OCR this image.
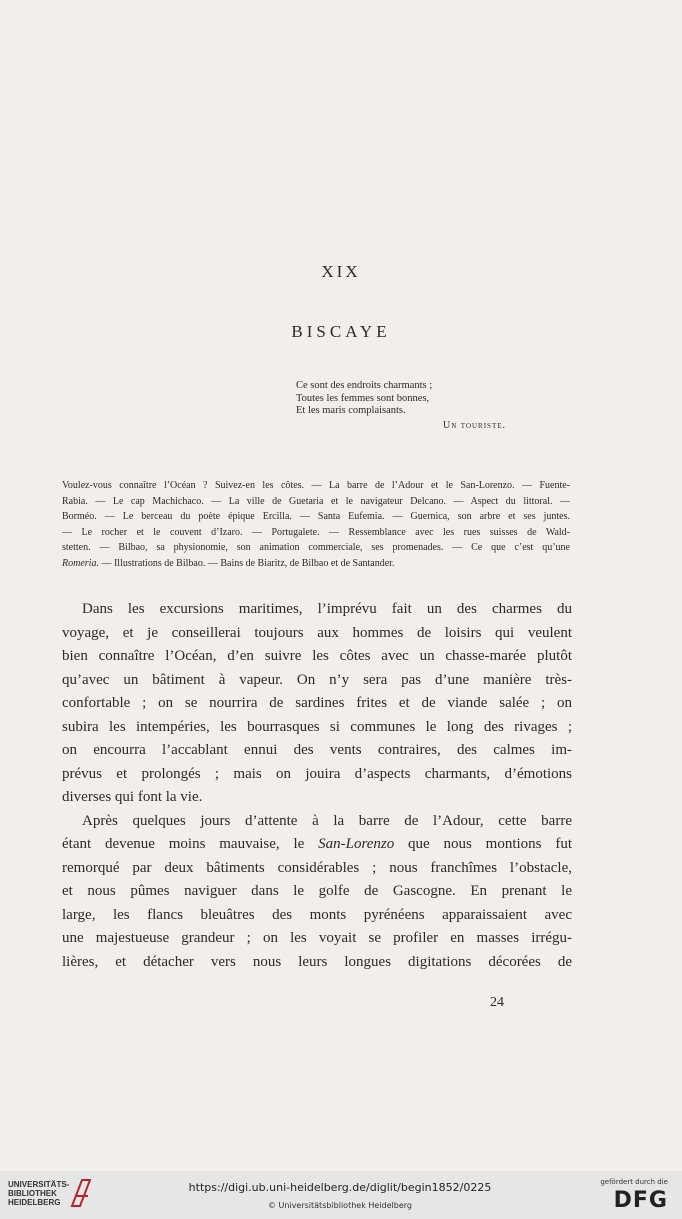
XIX
BISCAYE
Ce sont des endroits charmants ;
Toutes les femmes sont bonnes,
Et les maris complaisants.
Un touriste.
Voulez-vous connaître l’Océan ? Suivez-en les côtes. — La barre de l’Adour et le San-Lorenzo. — Fuente-
Rabia. — Le cap Machichaco. — La ville de Guetaria et le navigateur Delcano. — Aspect du littoral. —
Borméo. — Le berceau du poète épique Ercilla. — Santa Eufemia. — Guernica, son arbre et ses juntes.
— Le rocher et le couvent d’Izaro. — Portugalete. — Ressemblance avec les rues suisses de Wald-
stetten. — Bilbao, sa physionomie, son animation commerciale, ses promenades. — Ce que c’est qu’une
Romeria. — Illustrations de Bilbao. — Bains de Biaritz, de Bilbao et de Santander.
Dans les excursions maritimes, l’imprévu fait un des charmes du
voyage, et je conseillerai toujours aux hommes de loisirs qui veulent
bien connaître l’Océan, d’en suivre les côtes avec un chasse-marée plutôt
qu’avec un bâtiment à vapeur. On n’y sera pas d’une manière très-
confortable ; on se nourrira de sardines frites et de viande salée ; on
subira les intempéries, les bourrasques si communes le long des rivages ;
on encourra l’accablant ennui des vents contraires, des calmes im-
prévus et prolongés ; mais on jouira d’aspects charmants, d’émotions
diverses qui font la vie.
Après quelques jours d’attente à la barre de l’Adour, cette barre
étant devenue moins mauvaise, le San-Lorenzo que nous montions fut
remorqué par deux bâtiments considérables ; nous franchîmes l’obstacle,
et nous pûmes naviguer dans le golfe de Gascogne. En prenant le
large, les flancs bleuâtres des monts pyrénéens apparaissaient avec
une majestueuse grandeur ; on les voyait se profiler en masses irrégu-
lières, et détacher vers nous leurs longues digitations décorées de
24
UNIVERSITÄTS-
BIBLIOTHEK
HEIDELBERG
https://digi.ub.uni-heidelberg.de/diglit/begin1852/0225
© Universitätsbibliothek Heidelberg
gefördert durch die
DFG
